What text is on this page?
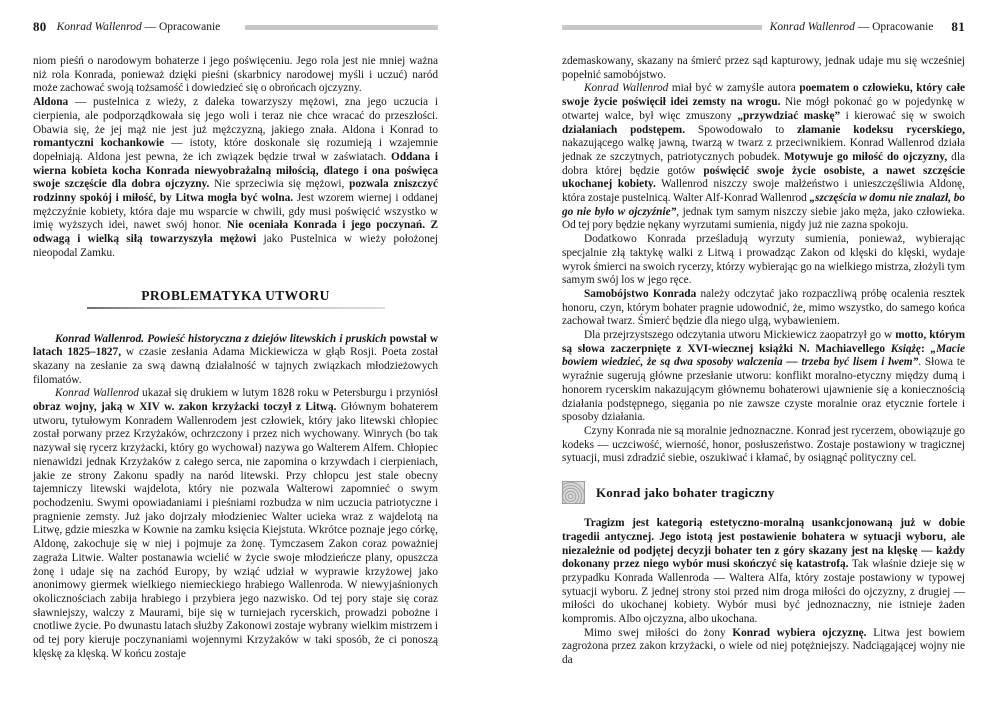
80 Konrad Wallenrod — Opracowanie

niom pieśń o narodowym bohaterze i jego poświęceniu. Jego rola jest nie mniej ważna niż rola Konrada, ponieważ dzięki pieśni (skarbnicy narodowej myśli i uczuć) naród może zachować swoją tożsamość i dowiedzieć się o obrońcach ojczyzny.

Aldona — pustelnica z wieży, z daleka towarzyszy mężowi, zna jego uczucia i cierpienia, ale podporządkowała się jego woli i teraz nie chce wracać do przeszłości. Obawia się, że jej mąż nie jest już mężczyzną, jakiego znała. Aldona i Konrad to romantyczni kochankowie — istoty, które doskonale się rozumieją i wzajemnie dopełniają. Aldona jest pewna, że ich związek będzie trwał w zaświatach. Oddana i wierna kobieta kocha Konrada niewyobrażalną miłością, dlatego i ona poświęca swoje szczęście dla dobra ojczyzny. Nie sprzeciwia się mężowi, pozwala zniszczyć rodzinny spokój i miłość, by Litwa mogła być wolna. Jest wzorem wiernej i oddanej mężczyźnie kobiety, która daje mu wsparcie w chwili, gdy musi poświęcić wszystko w imię wyższych idei, nawet swój honor. Nie oceniała Konrada i jego poczynań. Z odwagą i wielką siłą towarzyszyła mężowi jako Pustelnica w wieży położonej nieopodal Zamku.

PROBLEMATYKA UTWORU

Konrad Wallenrod. Powieść historyczna z dziejów litewskich i pruskich powstał w latach 1825–1827, w czasie zesłania Adama Mickiewicza w głąb Rosji. Poeta został skazany na zesłanie za swą dawną działalność w tajnych związkach młodzieżowych filomatów.

Konrad Wallenrod ukazał się drukiem w lutym 1828 roku w Petersburgu i przyniósł obraz wojny, jaką w XIV w. zakon krzyżacki toczył z Litwą. Głównym bohaterem utworu, tytułowym Konradem Wallenrodem jest człowiek, który jako litewski chłopiec został porwany przez Krzyżaków, ochrzczony i przez nich wychowany. Winrych (bo tak nazywał się rycerz krzyżacki, który go wychował) nazywa go Walterem Alfem. Chłopiec nienawidzi jednak Krzyżaków z całego serca, nie zapomina o krzywdach i cierpieniach, jakie ze strony Zakonu spadły na naród litewski. Przy chłopcu jest stale obecny tajemniczy litewski wajdelota, który nie pozwala Walterowi zapomnieć o swym pochodzeniu. Swymi opowiadaniami i pieśniami rozbudza w nim uczucia patriotyczne i pragnienie zemsty. Już jako dojrzały młodzieniec Walter ucieka wraz z wajdelotą na Litwę, gdzie mieszka w Kownie na zamku księcia Kiejstuta. Wkrótce poznaje jego córkę, Aldonę, zakochuje się w niej i pojmuje za żonę. Tymczasem Zakon coraz poważniej zagraża Litwie. Walter postanawia wcielić w życie swoje młodzieńcze plany, opuszcza żonę i udaje się na zachód Europy, by wziąć udział w wyprawie krzyżowej jako anonimowy giermek wielkiego niemieckiego hrabiego Wallenroda. W niewyjaśnionych okolicznościach zabija hrabiego i przybiera jego nazwisko. Od tej pory staje się coraz sławniejszy, walczy z Maurami, bije się w turniejach rycerskich, prowadzi pobożne i cnotliwe życie. Po dwunastu latach służby Zakonowi zostaje wybrany wielkim mistrzem i od tej pory kieruje poczynaniami wojennymi Krzyżaków w taki sposób, że ci ponoszą klęskę za klęską. W końcu zostaje

Konrad Wallenrod — Opracowanie 81

zdemaskowany, skazany na śmierć przez sąd kapturowy, jednak udaje mu się wcześniej popełnić samobójstwo.

Konrad Wallenrod miał być w zamyśle autora poematem o człowieku, który całe swoje życie poświęcił idei zemsty na wrogu. Nie mógł pokonać go w pojedynkę w otwartej walce, był więc zmuszony „przywdziać maskę” i kierować się w swoich działaniach podstępem. Spowodowało to złamanie kodeksu rycerskiego, nakazującego walkę jawną, twarzą w twarz z przeciwnikiem. Konrad Wallenrod działa jednak ze szczytnych, patriotycznych pobudek. Motywuje go miłość do ojczyzny, dla dobra której będzie gotów poświęcić swoje życie osobiste, a nawet szczęście ukochanej kobiety. Wallenrod niszczy swoje małżeństwo i unieszczęśliwia Aldonę, która zostaje pustelnicą. Walter Alf-Konrad Wallenrod „szczęścia w domu nie znalazł, bo go nie było w ojczyźnie”, jednak tym samym niszczy siebie jako męża, jako człowieka. Od tej pory będzie nękany wyrzutami sumienia, nigdy już nie zazna spokoju.

Dodatkowo Konrada prześladują wyrzuty sumienia, ponieważ, wybierając specjalnie złą taktykę walki z Litwą i prowadząc Zakon od klęski do klęski, wydaje wyrok śmierci na swoich rycerzy, którzy wybierając go na wielkiego mistrza, złożyli tym samym swój los w jego ręce.

Samobójstwo Konrada należy odczytać jako rozpaczliwą próbę ocalenia resztek honoru, czyn, którym bohater pragnie udowodnić, że, mimo wszystko, do samego końca zachował twarz. Śmierć będzie dla niego ulgą, wybawieniem.

Dla przejrzystszego odczytania utworu Mickiewicz zaopatrzył go w motto, którym są słowa zaczerpnięte z XVI-wiecznej książki N. Machiavellego Książę: „Macie bowiem wiedzieć, że są dwa sposoby walczenia — trzeba być lisem i lwem”. Słowa te wyraźnie sugerują główne przesłanie utworu: konflikt moralno-etyczny między dumą i honorem rycerskim nakazującym głównemu bohaterowi ujawnienie się a koniecznością działania podstępnego, sięgania po nie zawsze czyste moralnie oraz etycznie fortele i sposoby działania.

Czyny Konrada nie są moralnie jednoznaczne. Konrad jest rycerzem, obowiązuje go kodeks — uczciwość, wierność, honor, posłuszeństwo. Zostaje postawiony w tragicznej sytuacji, musi zdradzić siebie, oszukiwać i kłamać, by osiągnąć polityczny cel.

Konrad jako bohater tragiczny

Tragizm jest kategorią estetyczno-moralną usankcjonowaną już w dobie tragedii antycznej. Jego istotą jest postawienie bohatera w sytuacji wyboru, ale niezależnie od podjętej decyzji bohater ten z góry skazany jest na klęskę — każdy dokonany przez niego wybór musi skończyć się katastrofą. Tak właśnie dzieje się w przypadku Konrada Wallenroda — Waltera Alfa, który zostaje postawiony w typowej sytuacji wyboru. Z jednej strony stoi przed nim droga miłości do ojczyzny, z drugiej — miłości do ukochanej kobiety. Wybór musi być jednoznaczny, nie istnieje żaden kompromis. Albo ojczyzna, albo ukochana.

Mimo swej miłości do żony Konrad wybiera ojczyznę. Litwa jest bowiem zagrożona przez zakon krzyżacki, o wiele od niej potężniejszy. Nadciągającej wojny nie da
